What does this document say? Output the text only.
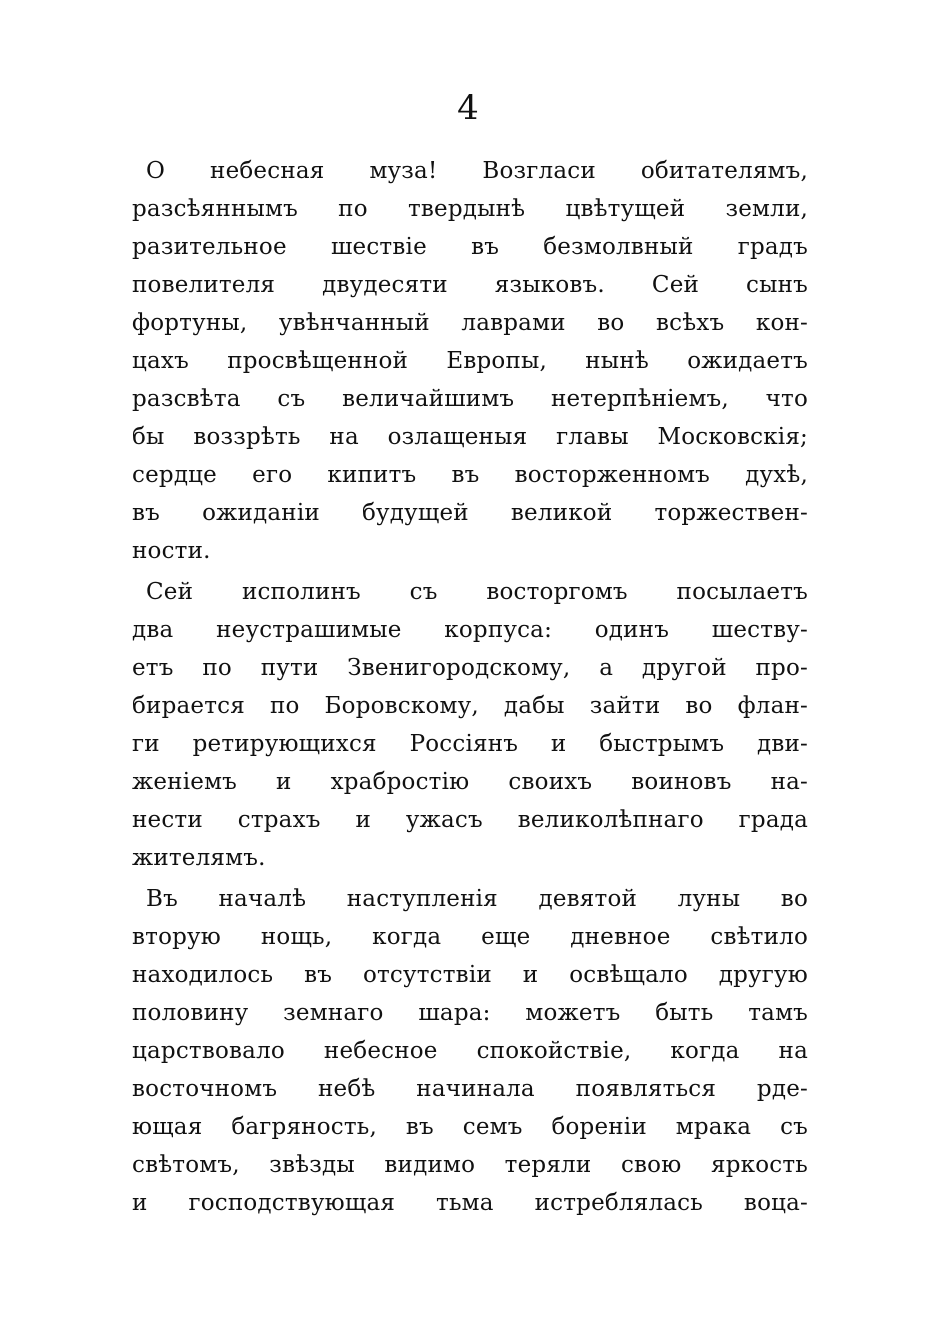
4
О небесная муза! Возгласи обитателямъ,
разсѣяннымъ по твердынѣ цвѣтущей земли,
разительное шествіе въ безмолвный градъ
повелителя двудесяти языковъ. Сей сынъ
фортуны, увѣнчанный лаврами во всѣхъ кон-
цахъ просвѣщенной Европы, нынѣ ожидаетъ
разсвѣта съ величайшимъ нетерпѣніемъ, что
бы воззрѣть на озлащеныя главы Московскія;
сердце его кипитъ въ восторженномъ духѣ,
въ ожиданіи будущей великой торжествен-
ности.
Сей исполинъ съ восторгомъ посылаетъ
два неустрашимые корпуса: одинъ шеству-
етъ по пути Звенигородскому, а другой про-
бирается по Боровскому, дабы зайти во флан-
ги ретирующихся Россіянъ и быстрымъ дви-
женіемъ и храбростію своихъ воиновъ на-
нести страхъ и ужасъ великолѣпнаго града
жителямъ.
Въ началѣ наступленія девятой луны во
вторую нощь, когда еще дневное свѣтило
находилось въ отсутствіи и освѣщало другую
половину земнаго шара: можетъ быть тамъ
царствовало небесное спокойствіе, когда на
восточномъ небѣ начинала появляться рде-
ющая багряность, въ семъ бореніи мрака съ
свѣтомъ, звѣзды видимо теряли свою яркость
и господствующая тьма истреблялась воца-
